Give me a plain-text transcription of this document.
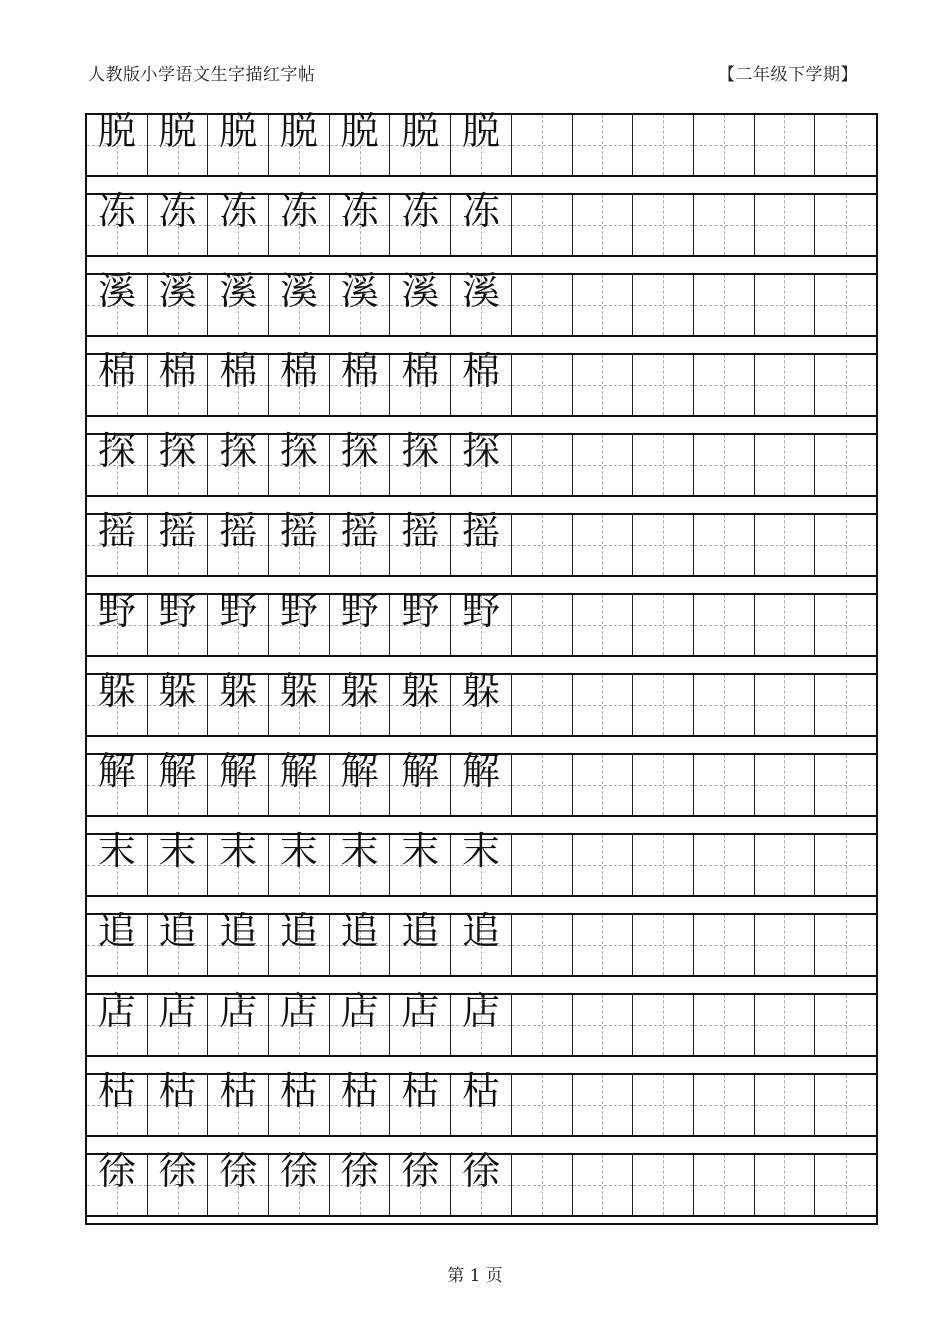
人教版小学语文生字描红字帖	【二年级下学期】
脱 脱 脱 脱 脱 脱 脱
冻 冻 冻 冻 冻 冻 冻
溪 溪 溪 溪 溪 溪 溪
棉 棉 棉 棉 棉 棉 棉
探 探 探 探 探 探 探
摇 摇 摇 摇 摇 摇 摇
野 野 野 野 野 野 野
躲 躲 躲 躲 躲 躲 躲
解 解 解 解 解 解 解
末 末 末 末 末 末 末
追 追 追 追 追 追 追
店 店 店 店 店 店 店
枯 枯 枯 枯 枯 枯 枯
徐 徐 徐 徐 徐 徐 徐
第 1 页
